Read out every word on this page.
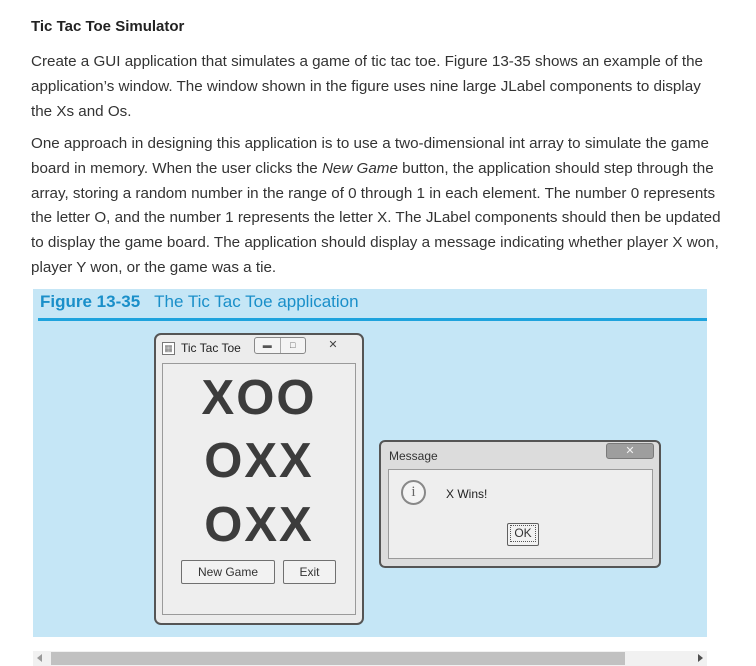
Tic Tac Toe Simulator

Create a GUI application that simulates a game of tic tac toe. Figure 13-35 shows an example of the application’s window. The window shown in the figure uses nine large JLabel components to display the Xs and Os.

One approach in designing this application is to use a two-dimensional int array to simulate the game board in memory. When the user clicks the New Game button, the application should step through the array, storing a random number in the range of 0 through 1 in each element. The number 0 represents the letter O, and the number 1 represents the letter X. The JLabel components should then be updated to display the game board. The application should display a message indicating whether player X won, player Y won, or the game was a tie.

Figure 13-35 The Tic Tac Toe application
▦ Tic Tac Toe	▬	□	✕
XOO
OXX
OXX
New Game	Exit
Message	✕
i	X Wins!
OK
